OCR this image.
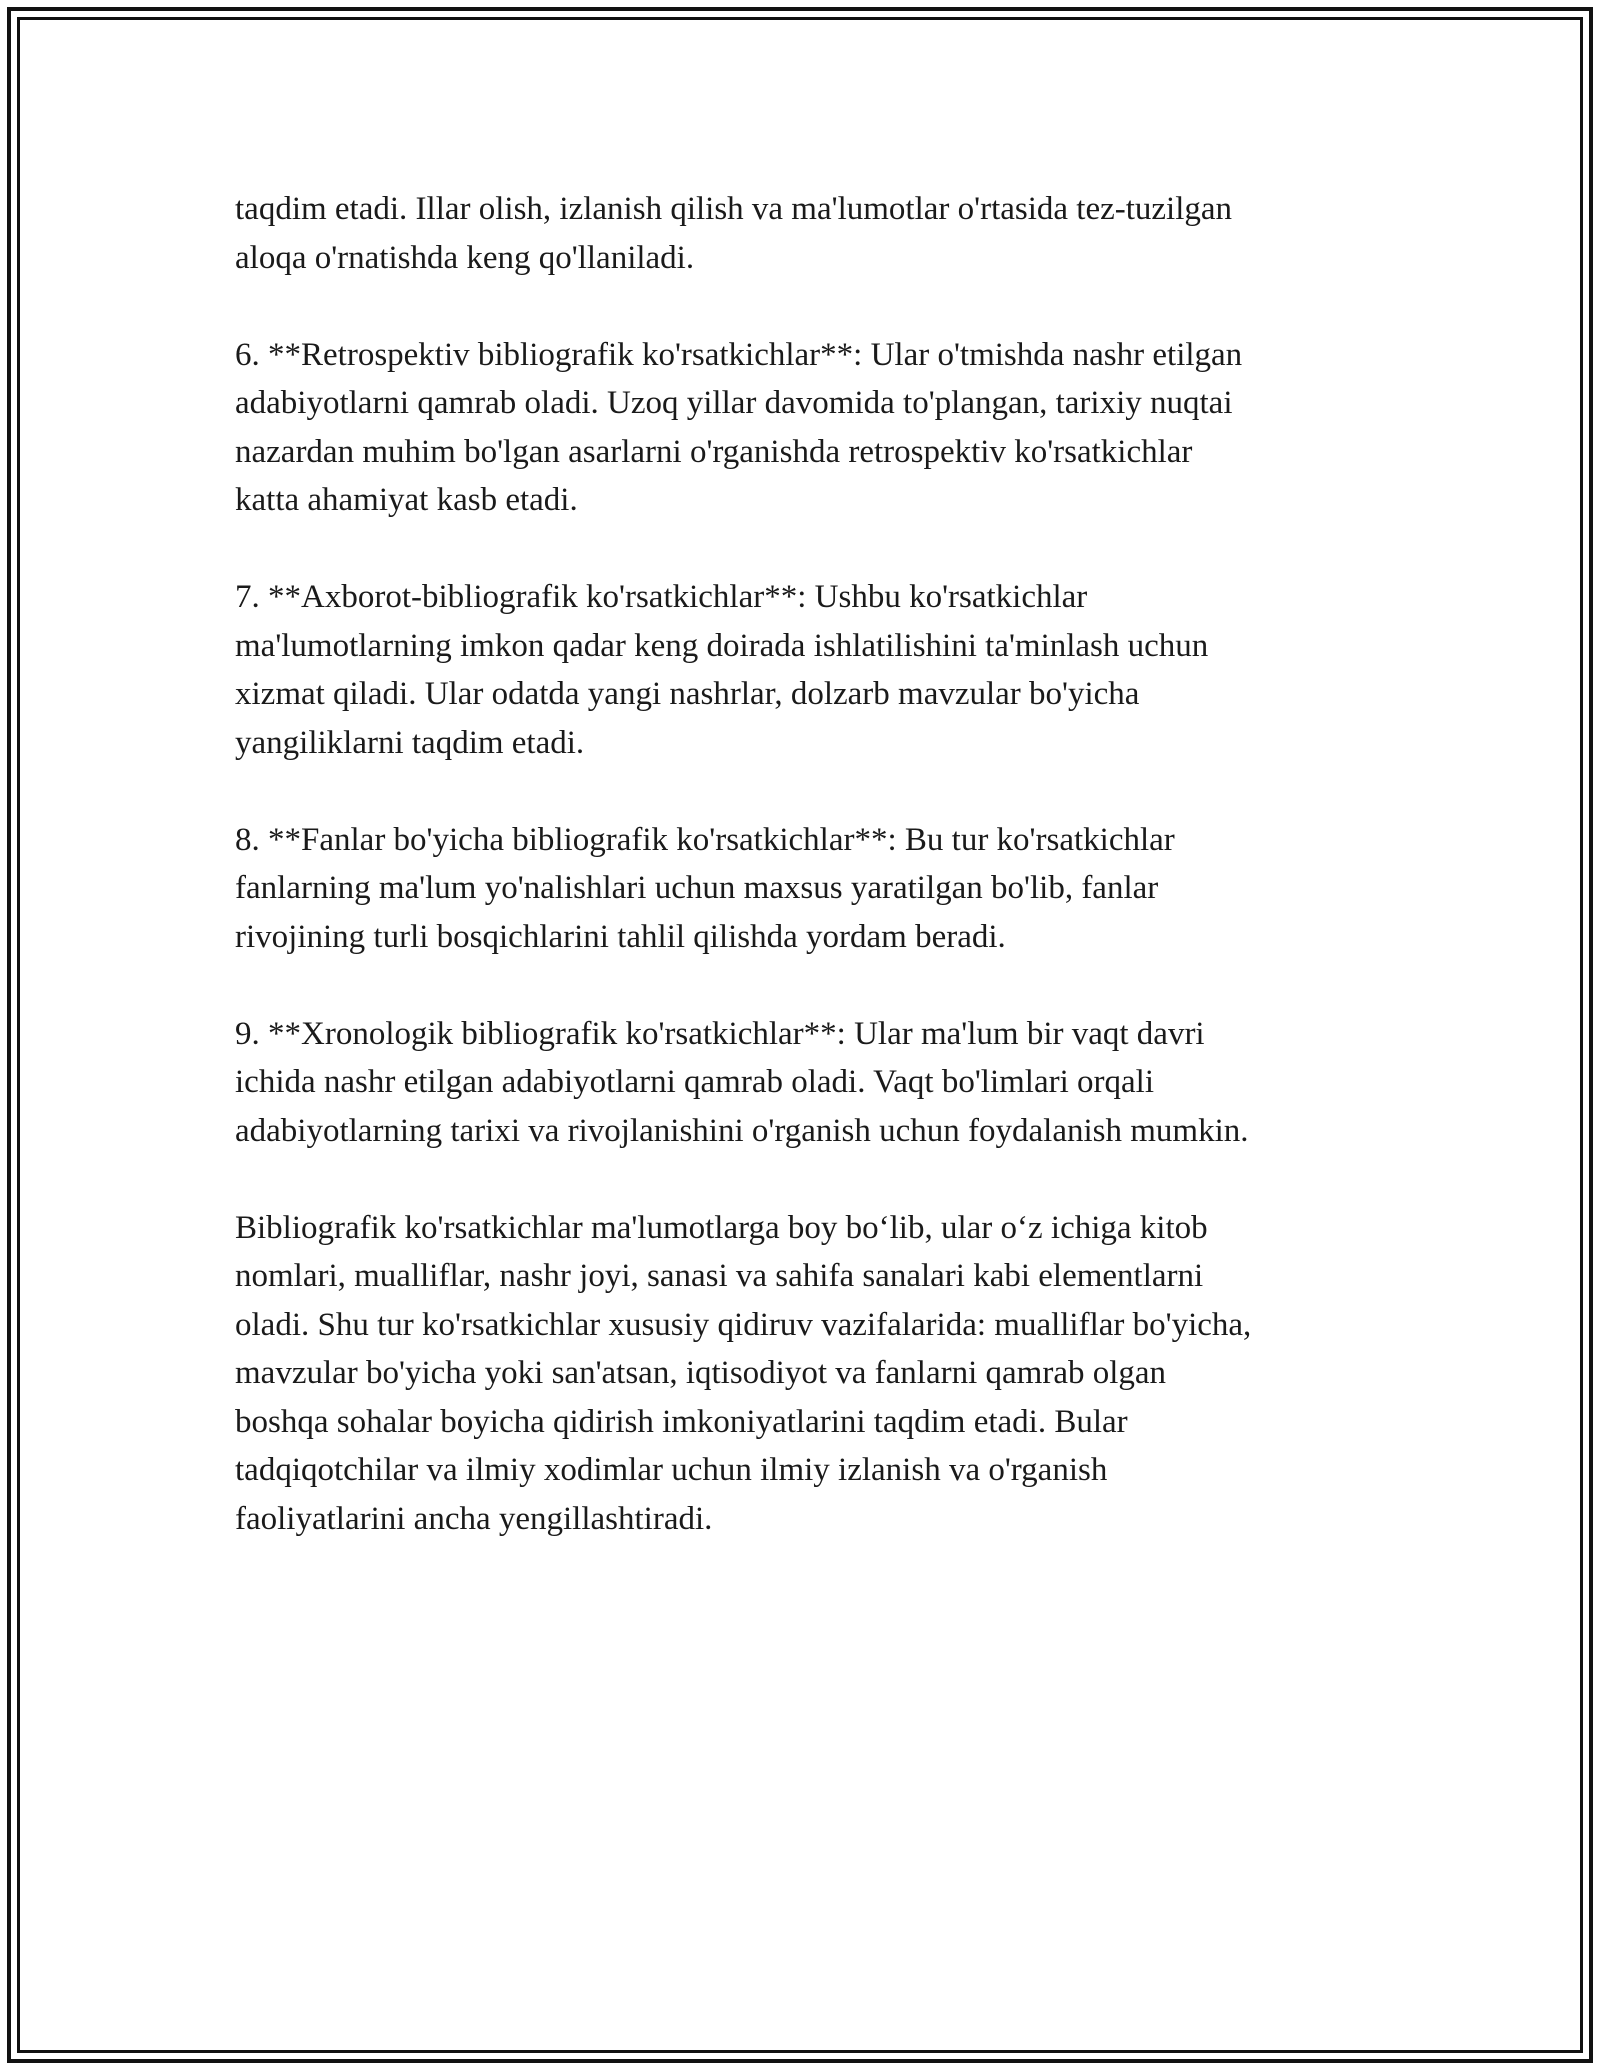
taqdim etadi. Illar olish, izlanish qilish va ma'lumotlar o'rtasida tez-tuzilgan
aloqa o'rnatishda keng qo'llaniladi.

6. **Retrospektiv bibliografik ko'rsatkichlar**: Ular o'tmishda nashr etilgan
adabiyotlarni qamrab oladi. Uzoq yillar davomida to'plangan, tarixiy nuqtai
nazardan muhim bo'lgan asarlarni o'rganishda retrospektiv ko'rsatkichlar
katta ahamiyat kasb etadi.

7. **Axborot-bibliografik ko'rsatkichlar**: Ushbu ko'rsatkichlar
ma'lumotlarning imkon qadar keng doirada ishlatilishini ta'minlash uchun
xizmat qiladi. Ular odatda yangi nashrlar, dolzarb mavzular bo'yicha
yangiliklarni taqdim etadi.

8. **Fanlar bo'yicha bibliografik ko'rsatkichlar**: Bu tur ko'rsatkichlar
fanlarning ma'lum yo'nalishlari uchun maxsus yaratilgan bo'lib, fanlar
rivojining turli bosqichlarini tahlil qilishda yordam beradi.

9. **Xronologik bibliografik ko'rsatkichlar**: Ular ma'lum bir vaqt davri
ichida nashr etilgan adabiyotlarni qamrab oladi. Vaqt bo'limlari orqali
adabiyotlarning tarixi va rivojlanishini o'rganish uchun foydalanish mumkin.

Bibliografik ko'rsatkichlar ma'lumotlarga boy bo‘lib, ular o‘z ichiga kitob
nomlari, mualliflar, nashr joyi, sanasi va sahifa sanalari kabi elementlarni
oladi. Shu tur ko'rsatkichlar xususiy qidiruv vazifalarida: mualliflar bo'yicha,
mavzular bo'yicha yoki san'atsan, iqtisodiyot va fanlarni qamrab olgan
boshqa sohalar boyicha qidirish imkoniyatlarini taqdim etadi. Bular
tadqiqotchilar va ilmiy xodimlar uchun ilmiy izlanish va o'rganish
faoliyatlarini ancha yengillashtiradi.
